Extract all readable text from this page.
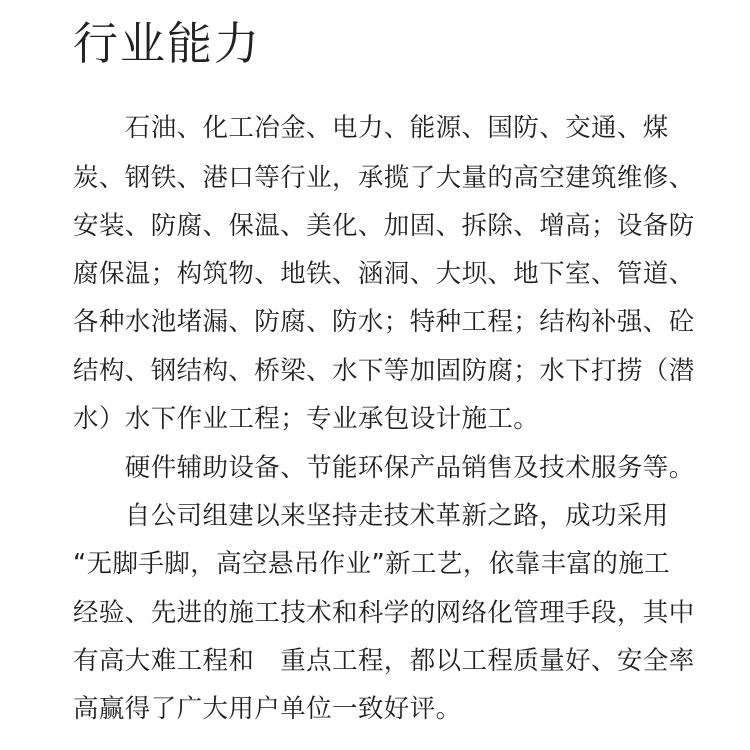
行业能力
　　石油、化工冶金、电力、能源、国防、交通、煤
炭、钢铁、港口等行业，承揽了大量的高空建筑维修、
安装、防腐、保温、美化、加固、拆除、增高；设备防
腐保温；构筑物、地铁、涵洞、大坝、地下室、管道、
各种水池堵漏、防腐、防水；特种工程；结构补强、砼
结构、钢结构、桥梁、水下等加固防腐；水下打捞（潜
水）水下作业工程；专业承包设计施工。
　　硬件辅助设备、节能环保产品销售及技术服务等。
　　自公司组建以来坚持走技术革新之路，成功采用
“无脚手脚，高空悬吊作业”新工艺，依靠丰富的施工
经验、先进的施工技术和科学的网络化管理手段，其中
有高大难工程和　重点工程，都以工程质量好、安全率
高赢得了广大用户单位一致好评。
